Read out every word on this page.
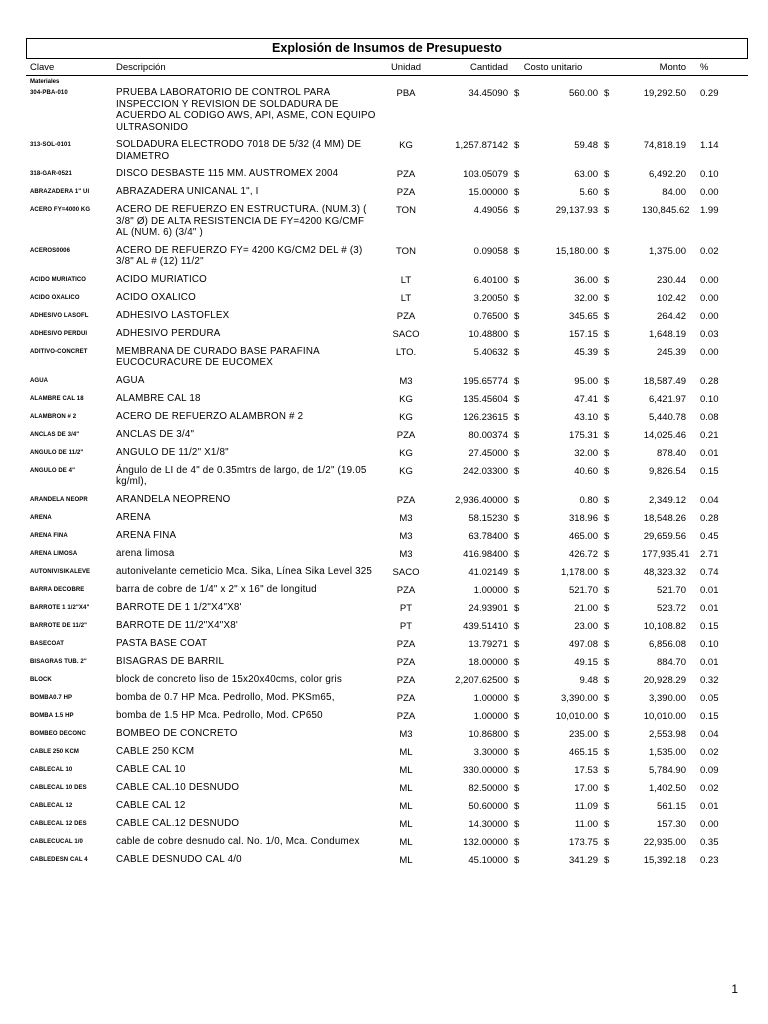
Explosión de Insumos de Presupuesto
Clave	Descripción	Unidad	Cantidad	Costo unitario		Monto		%
Materiales								
304-PBA-010	PRUEBA LABORATORIO DE CONTROL PARA INSPECCION Y REVISION DE SOLDADURA DE ACUERDO AL CODIGO AWS, API, ASME, CON EQUIPO ULTRASONIDO	PBA	34.45090	$	560.00	$	19,292.50	0.29
313-SOL-0101	SOLDADURA ELECTRODO 7018 DE 5/32 (4 MM) DE DIAMETRO	KG	1,257.87142	$	59.48	$	74,818.19	1.14
318-GAR-0521	DISCO DESBASTE 115 MM. AUSTROMEX 2004	PZA	103.05079	$	63.00	$	6,492.20	0.10
ABRAZADERA 1" UI	ABRAZADERA UNICANAL 1", I	PZA	15.00000	$	5.60	$	84.00	0.00
ACERO FY=4000 KG	ACERO DE REFUERZO EN ESTRUCTURA. (NUM.3) ( 3/8" Ø) DE ALTA RESISTENCIA DE FY=4200 KG/CMF AL (NUM. 6) (3/4" )	TON	4.49056	$	29,137.93	$	130,845.62	1.99
ACEROS0006	ACERO DE REFUERZO FY= 4200 KG/CM2 DEL # (3) 3/8" AL # (12) 11/2"	TON	0.09058	$	15,180.00	$	1,375.00	0.02
ACIDO MURIATICO	ACIDO MURIATICO	LT	6.40100	$	36.00	$	230.44	0.00
ACIDO OXALICO	ACIDO OXALICO	LT	3.20050	$	32.00	$	102.42	0.00
ADHESIVO LASOFL	ADHESIVO LASTOFLEX	PZA	0.76500	$	345.65	$	264.42	0.00
ADHESIVO PERDUI	ADHESIVO PERDURA	SACO	10.48800	$	157.15	$	1,648.19	0.03
ADITIVO-CONCRET	MEMBRANA DE CURADO BASE PARAFINA EUCOCURACURE DE EUCOMEX	LTO.	5.40632	$	45.39	$	245.39	0.00
AGUA	AGUA	M3	195.65774	$	95.00	$	18,587.49	0.28
ALAMBRE CAL 18	ALAMBRE CAL 18	KG	135.45604	$	47.41	$	6,421.97	0.10
ALAMBRON # 2	ACERO DE REFUERZO ALAMBRON # 2	KG	126.23615	$	43.10	$	5,440.78	0.08
ANCLAS DE 3/4"	ANCLAS DE 3/4"	PZA	80.00374	$	175.31	$	14,025.46	0.21
ANGULO DE 11/2"	ANGULO DE 11/2" X1/8"	KG	27.45000	$	32.00	$	878.40	0.01
ANGULO DE 4"	Ángulo de LI de 4" de 0.35mtrs de largo, de 1/2" (19.05 kg/ml),	KG	242.03300	$	40.60	$	9,826.54	0.15
ARANDELA NEOPR	ARANDELA NEOPRENO	PZA	2,936.40000	$	0.80	$	2,349.12	0.04
ARENA	ARENA	M3	58.15230	$	318.96	$	18,548.26	0.28
ARENA FINA	ARENA FINA	M3	63.78400	$	465.00	$	29,659.56	0.45
ARENA LIMOSA	arena limosa	M3	416.98400	$	426.72	$	177,935.41	2.71
AUTONIV/SIKALEVE	autonivelante cemeticio Mca. Sika, Línea Sika Level 325	SACO	41.02149	$	1,178.00	$	48,323.32	0.74
BARRA DECOBRE	barra de cobre de 1/4" x 2" x 16" de longitud	PZA	1.00000	$	521.70	$	521.70	0.01
BARROTE 1 1/2"X4"	BARROTE DE 1 1/2"X4"X8'	PT	24.93901	$	21.00	$	523.72	0.01
BARROTE DE 11/2"	BARROTE DE 11/2"X4"X8'	PT	439.51410	$	23.00	$	10,108.82	0.15
BASECOAT	PASTA BASE COAT	PZA	13.79271	$	497.08	$	6,856.08	0.10
BISAGRAS TUB. 2"	BISAGRAS DE BARRIL	PZA	18.00000	$	49.15	$	884.70	0.01
BLOCK	block de concreto liso de 15x20x40cms, color gris	PZA	2,207.62500	$	9.48	$	20,928.29	0.32
BOMBA0.7 HP	bomba de 0.7 HP Mca. Pedrollo, Mod. PKSm65,	PZA	1.00000	$	3,390.00	$	3,390.00	0.05
BOMBA 1.5 HP	bomba de 1.5 HP Mca. Pedrollo, Mod. CP650	PZA	1.00000	$	10,010.00	$	10,010.00	0.15
BOMBEO DECONC	BOMBEO DE CONCRETO	M3	10.86800	$	235.00	$	2,553.98	0.04
CABLE 250 KCM	CABLE 250 KCM	ML	3.30000	$	465.15	$	1,535.00	0.02
CABLECAL 10	CABLE CAL 10	ML	330.00000	$	17.53	$	5,784.90	0.09
CABLECAL 10 DES	CABLE CAL.10 DESNUDO	ML	82.50000	$	17.00	$	1,402.50	0.02
CABLECAL 12	CABLE CAL 12	ML	50.60000	$	11.09	$	561.15	0.01
CABLECAL 12 DES	CABLE CAL.12 DESNUDO	ML	14.30000	$	11.00	$	157.30	0.00
CABLECUCAL 1/0	cable de cobre desnudo cal. No. 1/0, Mca. Condumex	ML	132.00000	$	173.75	$	22,935.00	0.35
CABLEDESN CAL 4	CABLE DESNUDO CAL 4/0	ML	45.10000	$	341.29	$	15,392.18	0.23
1
